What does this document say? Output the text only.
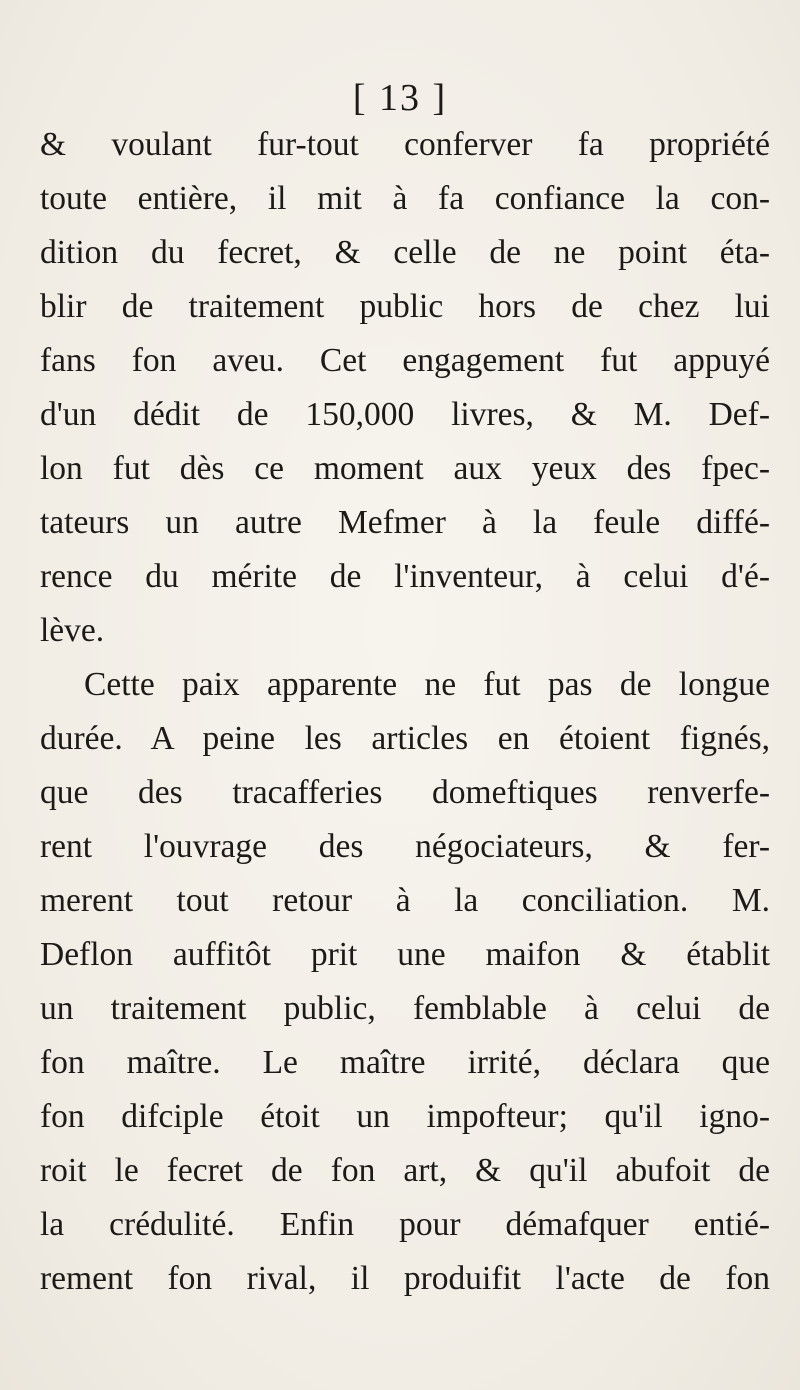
[ 13 ]
& voulant fur-tout conferver fa propriété
toute entière, il mit à fa confiance la con-
dition du fecret, & celle de ne point éta-
blir de traitement public hors de chez lui
fans fon aveu. Cet engagement fut appuyé
d'un dédit de 150,000 livres, & M. Def-
lon fut dès ce moment aux yeux des fpec-
tateurs un autre Mefmer à la feule diffé-
rence du mérite de l'inventeur, à celui d'é-
lève.
Cette paix apparente ne fut pas de longue
durée. A peine les articles en étoient fignés,
que des tracafferies domeftiques renverfe-
rent l'ouvrage des négociateurs, & fer-
merent tout retour à la conciliation. M.
Deflon auffitôt prit une maifon & établit
un traitement public, femblable à celui de
fon maître. Le maître irrité, déclara que
fon difciple étoit un impofteur; qu'il igno-
roit le fecret de fon art, & qu'il abufoit de
la crédulité. Enfin pour démafquer entié-
rement fon rival, il produifit l'acte de fon
